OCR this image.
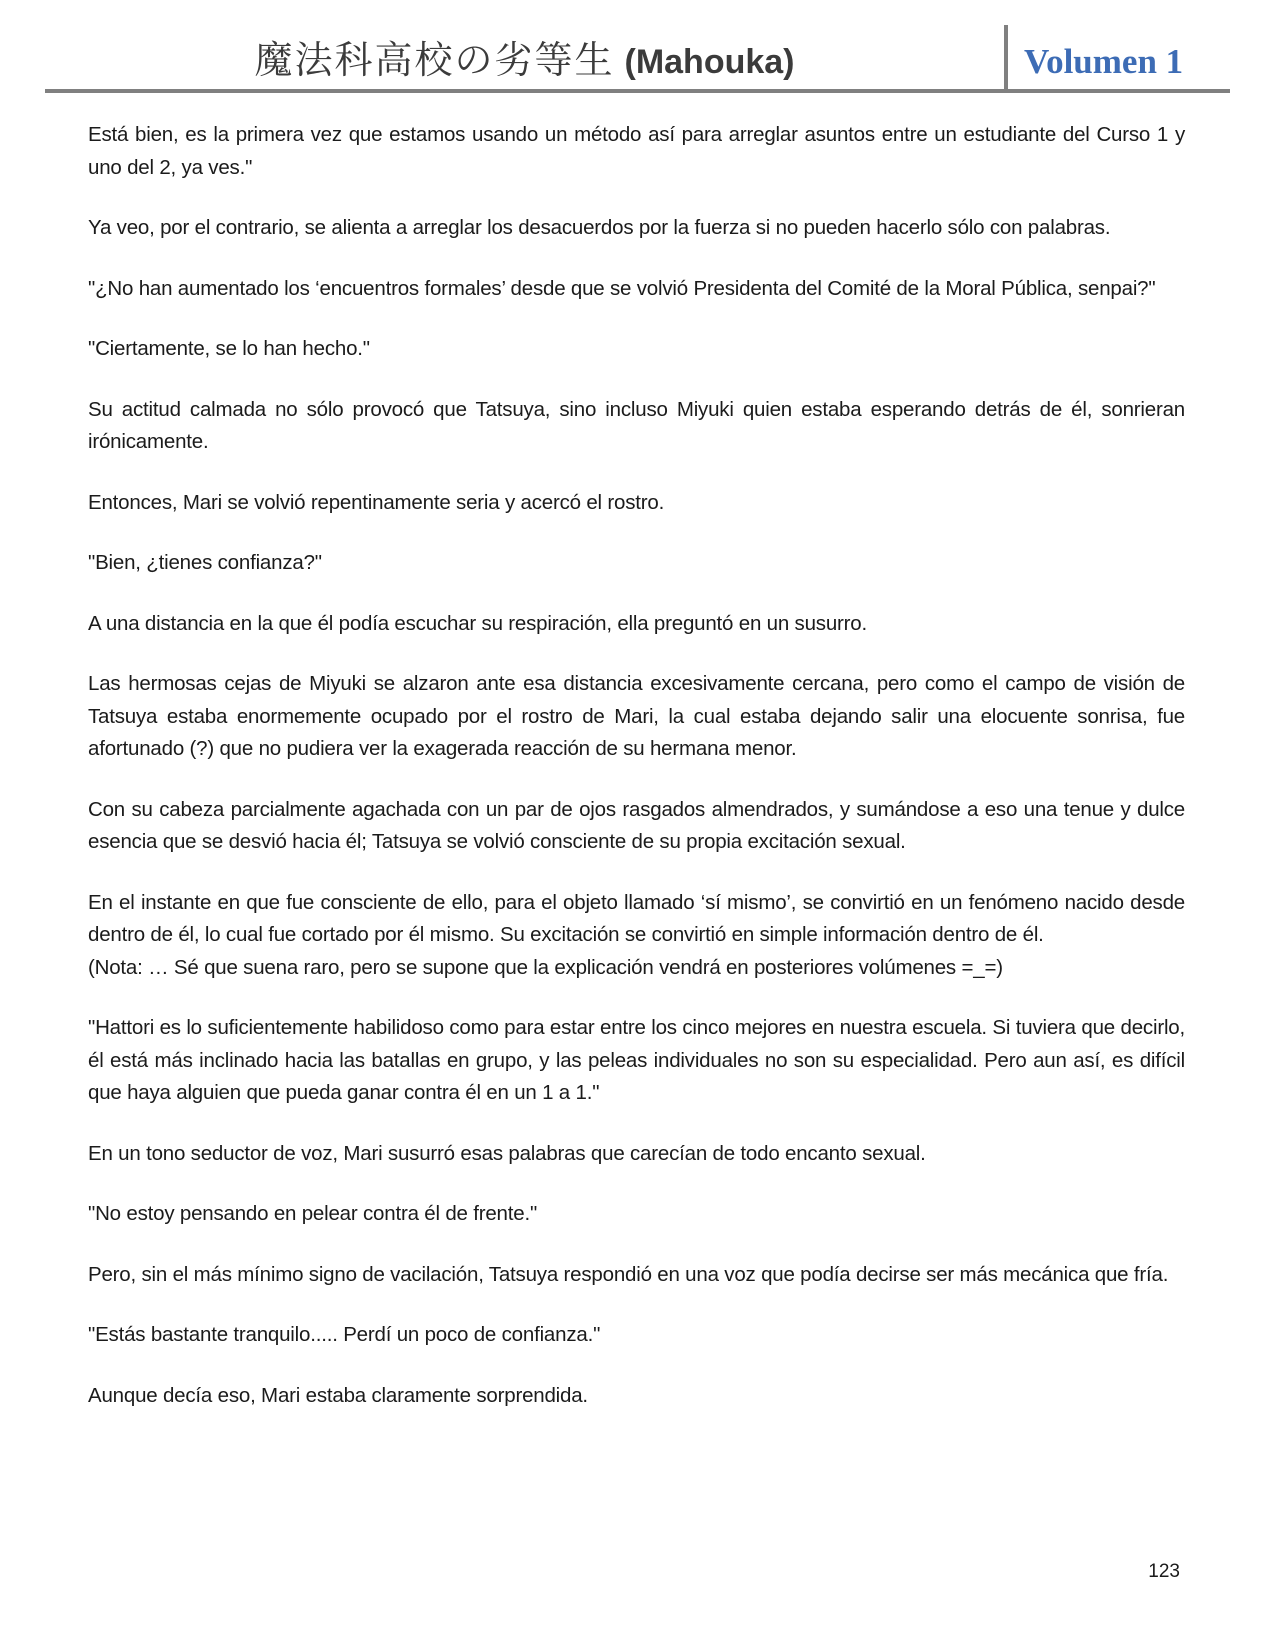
魔法科高校の劣等生 (Mahouka)	Volumen 1

Está bien, es la primera vez que estamos usando un método así para arreglar asuntos entre un estudiante del Curso 1 y uno del 2, ya ves."

Ya veo, por el contrario, se alienta a arreglar los desacuerdos por la fuerza si no pueden hacerlo sólo con palabras.

"¿No han aumentado los ‘encuentros formales’ desde que se volvió Presidenta del Comité de la Moral Pública, senpai?"

"Ciertamente, se lo han hecho."

Su actitud calmada no sólo provocó que Tatsuya, sino incluso Miyuki quien estaba esperando detrás de él, sonrieran irónicamente.

Entonces, Mari se volvió repentinamente seria y acercó el rostro.

"Bien, ¿tienes confianza?"

A una distancia en la que él podía escuchar su respiración, ella preguntó en un susurro.

Las hermosas cejas de Miyuki se alzaron ante esa distancia excesivamente cercana, pero como el campo de visión de Tatsuya estaba enormemente ocupado por el rostro de Mari, la cual estaba dejando salir una elocuente sonrisa, fue afortunado (?) que no pudiera ver la exagerada reacción de su hermana menor.

Con su cabeza parcialmente agachada con un par de ojos rasgados almendrados, y sumándose a eso una tenue y dulce esencia que se desvió hacia él; Tatsuya se volvió consciente de su propia excitación sexual.

En el instante en que fue consciente de ello, para el objeto llamado ‘sí mismo’, se convirtió en un fenómeno nacido desde dentro de él, lo cual fue cortado por él mismo. Su excitación se convirtió en simple información dentro de él.

(Nota: … Sé que suena raro, pero se supone que la explicación vendrá en posteriores volúmenes =_=)

"Hattori es lo suficientemente habilidoso como para estar entre los cinco mejores en nuestra escuela. Si tuviera que decirlo, él está más inclinado hacia las batallas en grupo, y las peleas individuales no son su especialidad. Pero aun así, es difícil que haya alguien que pueda ganar contra él en un 1 a 1."

En un tono seductor de voz, Mari susurró esas palabras que carecían de todo encanto sexual.

"No estoy pensando en pelear contra él de frente."

Pero, sin el más mínimo signo de vacilación, Tatsuya respondió en una voz que podía decirse ser más mecánica que fría.

"Estás bastante tranquilo..... Perdí un poco de confianza."

Aunque decía eso, Mari estaba claramente sorprendida.

123
